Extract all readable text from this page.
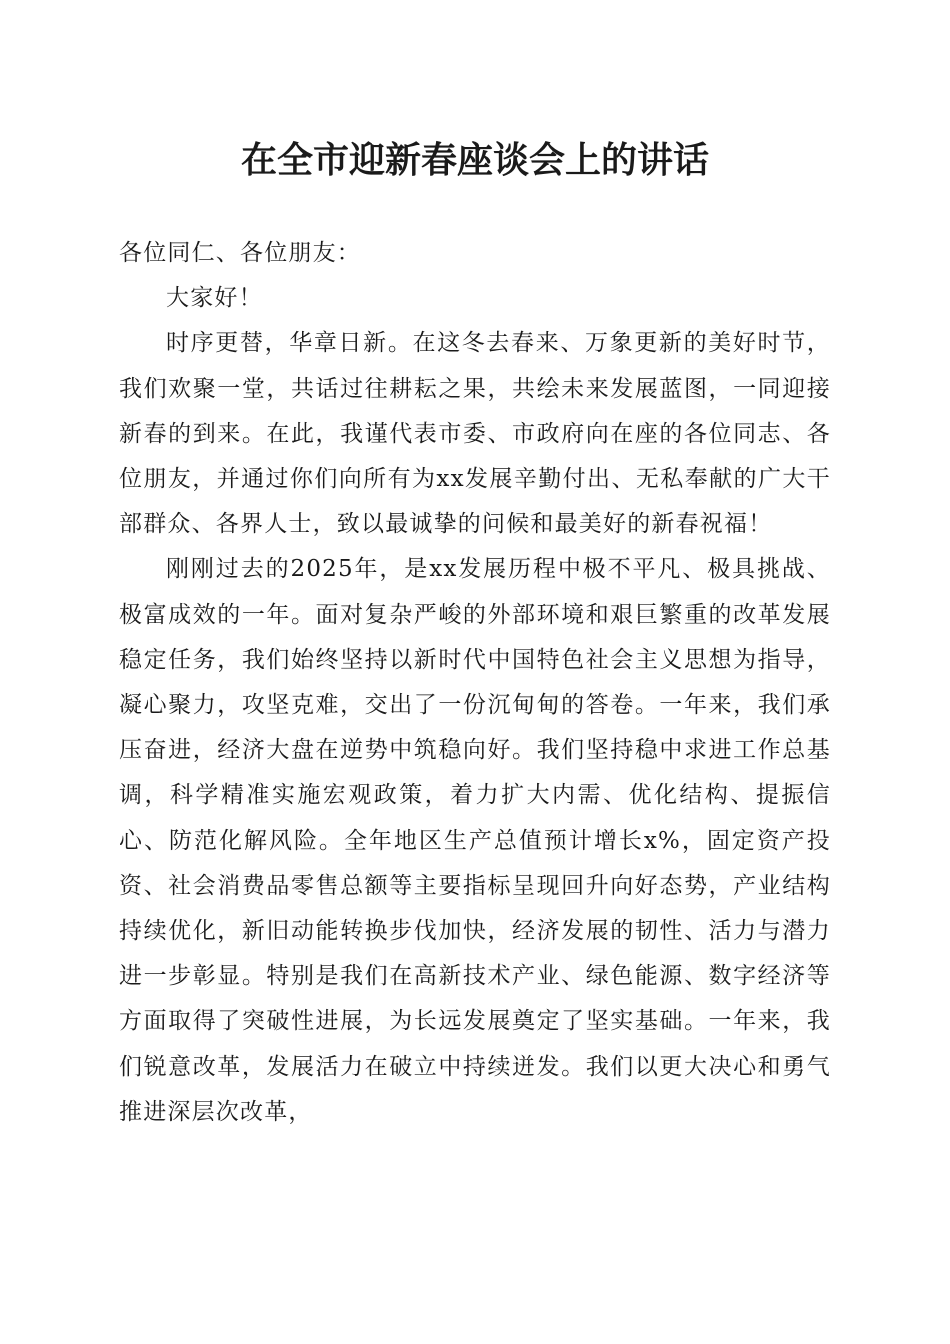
在全市迎新春座谈会上的讲话

各位同仁、各位朋友：

大家好！

时序更替，华章日新。在这冬去春来、万象更新的美好时节，我们欢聚一堂，共话过往耕耘之果，共绘未来发展蓝图，一同迎接新春的到来。在此，我谨代表市委、市政府向在座的各位同志、各位朋友，并通过你们向所有为xx发展辛勤付出、无私奉献的广大干部群众、各界人士，致以最诚挚的问候和最美好的新春祝福！

刚刚过去的2025年，是xx发展历程中极不平凡、极具挑战、极富成效的一年。面对复杂严峻的外部环境和艰巨繁重的改革发展稳定任务，我们始终坚持以新时代中国特色社会主义思想为指导，凝心聚力，攻坚克难，交出了一份沉甸甸的答卷。一年来，我们承压奋进，经济大盘在逆势中筑稳向好。我们坚持稳中求进工作总基调，科学精准实施宏观政策，着力扩大内需、优化结构、提振信心、防范化解风险。全年地区生产总值预计增长x%，固定资产投资、社会消费品零售总额等主要指标呈现回升向好态势，产业结构持续优化，新旧动能转换步伐加快，经济发展的韧性、活力与潜力进一步彰显。特别是我们在高新技术产业、绿色能源、数字经济等方面取得了突破性进展，为长远发展奠定了坚实基础。一年来，我们锐意改革，发展活力在破立中持续迸发。我们以更大决心和勇气推进深层次改革，
